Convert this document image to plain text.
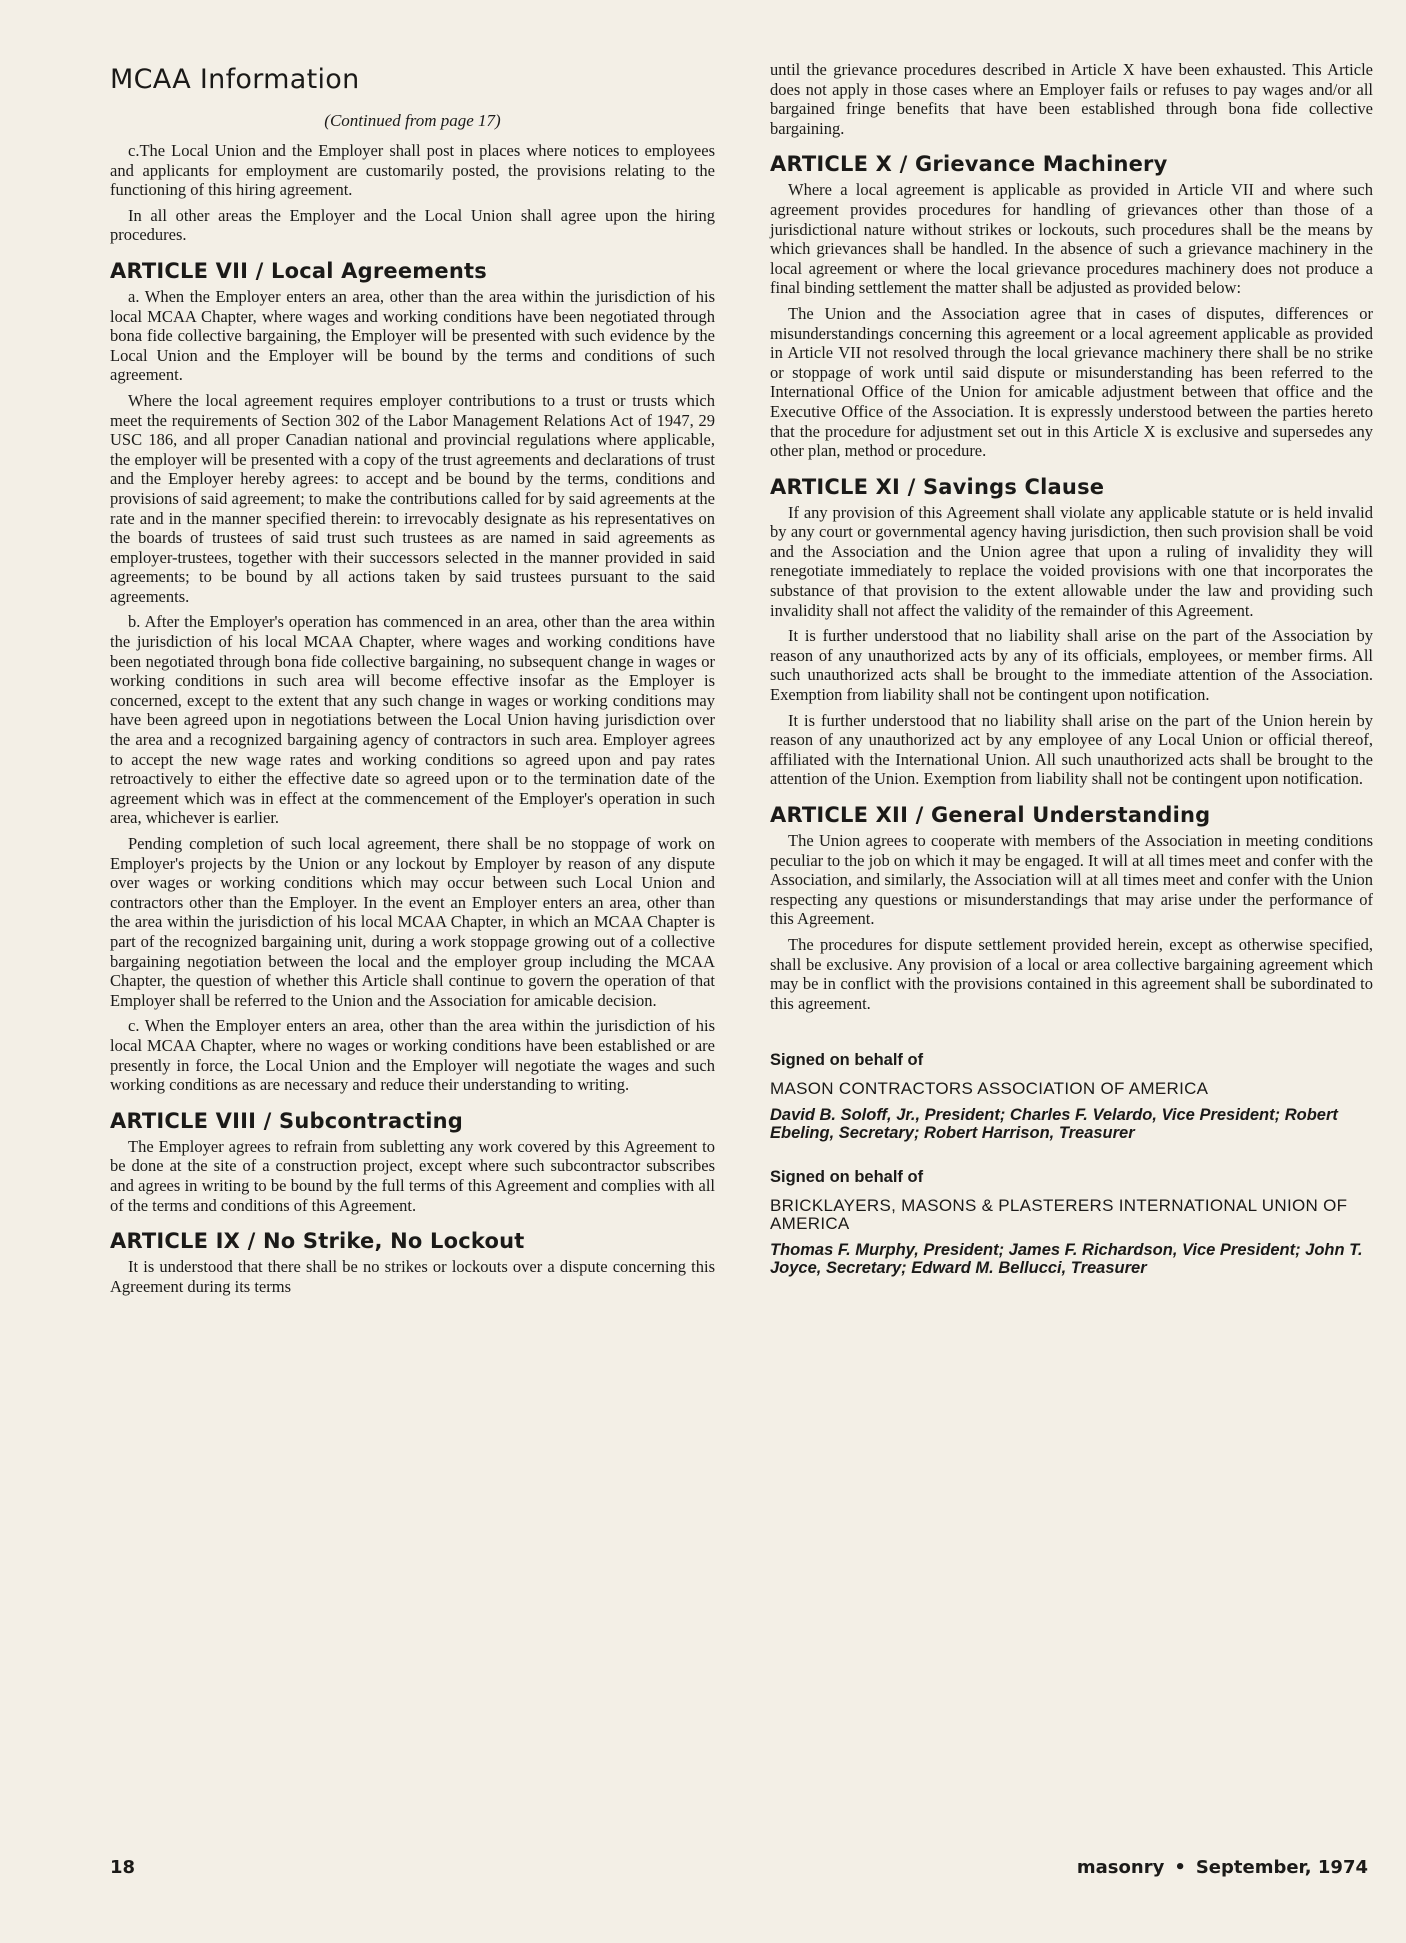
MCAA Information
(Continued from page 17)

c.The Local Union and the Employer shall post in places where notices to employees and applicants for employment are customarily posted, the provisions relating to the functioning of this hiring agreement.

In all other areas the Employer and the Local Union shall agree upon the hiring procedures.

ARTICLE VII / Local Agreements

a. When the Employer enters an area, other than the area within the jurisdiction of his local MCAA Chapter, where wages and working conditions have been negotiated through bona fide collective bargaining, the Employer will be presented with such evidence by the Local Union and the Employer will be bound by the terms and conditions of such agreement.

Where the local agreement requires employer contributions to a trust or trusts which meet the requirements of Section 302 of the Labor Management Relations Act of 1947, 29 USC 186, and all proper Canadian national and provincial regulations where applicable, the employer will be presented with a copy of the trust agreements and declarations of trust and the Employer hereby agrees: to accept and be bound by the terms, conditions and provisions of said agreement; to make the contributions called for by said agreements at the rate and in the manner specified therein: to irrevocably designate as his representatives on the boards of trustees of said trust such trustees as are named in said agreements as employer-trustees, together with their successors selected in the manner provided in said agreements; to be bound by all actions taken by said trustees pursuant to the said agreements.

b. After the Employer's operation has commenced in an area, other than the area within the jurisdiction of his local MCAA Chapter, where wages and working conditions have been negotiated through bona fide collective bargaining, no subsequent change in wages or working conditions in such area will become effective insofar as the Employer is concerned, except to the extent that any such change in wages or working conditions may have been agreed upon in negotiations between the Local Union having jurisdiction over the area and a recognized bargaining agency of contractors in such area. Employer agrees to accept the new wage rates and working conditions so agreed upon and pay rates retroactively to either the effective date so agreed upon or to the termination date of the agreement which was in effect at the commencement of the Employer's operation in such area, whichever is earlier.

Pending completion of such local agreement, there shall be no stoppage of work on Employer's projects by the Union or any lockout by Employer by reason of any dispute over wages or working conditions which may occur between such Local Union and contractors other than the Employer. In the event an Employer enters an area, other than the area within the jurisdiction of his local MCAA Chapter, in which an MCAA Chapter is part of the recognized bargaining unit, during a work stoppage growing out of a collective bargaining negotiation between the local and the employer group including the MCAA Chapter, the question of whether this Article shall continue to govern the operation of that Employer shall be referred to the Union and the Association for amicable decision.

c. When the Employer enters an area, other than the area within the jurisdiction of his local MCAA Chapter, where no wages or working conditions have been established or are presently in force, the Local Union and the Employer will negotiate the wages and such working conditions as are necessary and reduce their understanding to writing.

ARTICLE VIII / Subcontracting

The Employer agrees to refrain from subletting any work covered by this Agreement to be done at the site of a construction project, except where such subcontractor subscribes and agrees in writing to be bound by the full terms of this Agreement and complies with all of the terms and conditions of this Agreement.

ARTICLE IX / No Strike, No Lockout

It is understood that there shall be no strikes or lockouts over a dispute concerning this Agreement during its terms

until the grievance procedures described in Article X have been exhausted. This Article does not apply in those cases where an Employer fails or refuses to pay wages and/or all bargained fringe benefits that have been established through bona fide collective bargaining.

ARTICLE X / Grievance Machinery

Where a local agreement is applicable as provided in Article VII and where such agreement provides procedures for handling of grievances other than those of a jurisdictional nature without strikes or lockouts, such procedures shall be the means by which grievances shall be handled. In the absence of such a grievance machinery in the local agreement or where the local grievance procedures machinery does not produce a final binding settlement the matter shall be adjusted as provided below:

The Union and the Association agree that in cases of disputes, differences or misunderstandings concerning this agreement or a local agreement applicable as provided in Article VII not resolved through the local grievance machinery there shall be no strike or stoppage of work until said dispute or misunderstanding has been referred to the International Office of the Union for amicable adjustment between that office and the Executive Office of the Association. It is expressly understood between the parties hereto that the procedure for adjustment set out in this Article X is exclusive and supersedes any other plan, method or procedure.

ARTICLE XI / Savings Clause

If any provision of this Agreement shall violate any applicable statute or is held invalid by any court or governmental agency having jurisdiction, then such provision shall be void and the Association and the Union agree that upon a ruling of invalidity they will renegotiate immediately to replace the voided provisions with one that incorporates the substance of that provision to the extent allowable under the law and providing such invalidity shall not affect the validity of the remainder of this Agreement.

It is further understood that no liability shall arise on the part of the Association by reason of any unauthorized acts by any of its officials, employees, or member firms. All such unauthorized acts shall be brought to the immediate attention of the Association. Exemption from liability shall not be contingent upon notification.

It is further understood that no liability shall arise on the part of the Union herein by reason of any unauthorized act by any employee of any Local Union or official thereof, affiliated with the International Union. All such unauthorized acts shall be brought to the attention of the Union. Exemption from liability shall not be contingent upon notification.

ARTICLE XII / General Understanding

The Union agrees to cooperate with members of the Association in meeting conditions peculiar to the job on which it may be engaged. It will at all times meet and confer with the Association, and similarly, the Association will at all times meet and confer with the Union respecting any questions or misunderstandings that may arise under the performance of this Agreement.

The procedures for dispute settlement provided herein, except as otherwise specified, shall be exclusive. Any provision of a local or area collective bargaining agreement which may be in conflict with the provisions contained in this agreement shall be subordinated to this agreement.

Signed on behalf of
MASON CONTRACTORS ASSOCIATION OF AMERICA
David B. Soloff, Jr., President; Charles F. Velardo, Vice President; Robert Ebeling, Secretary; Robert Harrison, Treasurer
Signed on behalf of
BRICKLAYERS, MASONS & PLASTERERS INTERNATIONAL UNION OF AMERICA
Thomas F. Murphy, President; James F. Richardson, Vice President; John T. Joyce, Secretary; Edward M. Bellucci, Treasurer
18	masonry • September, 1974
